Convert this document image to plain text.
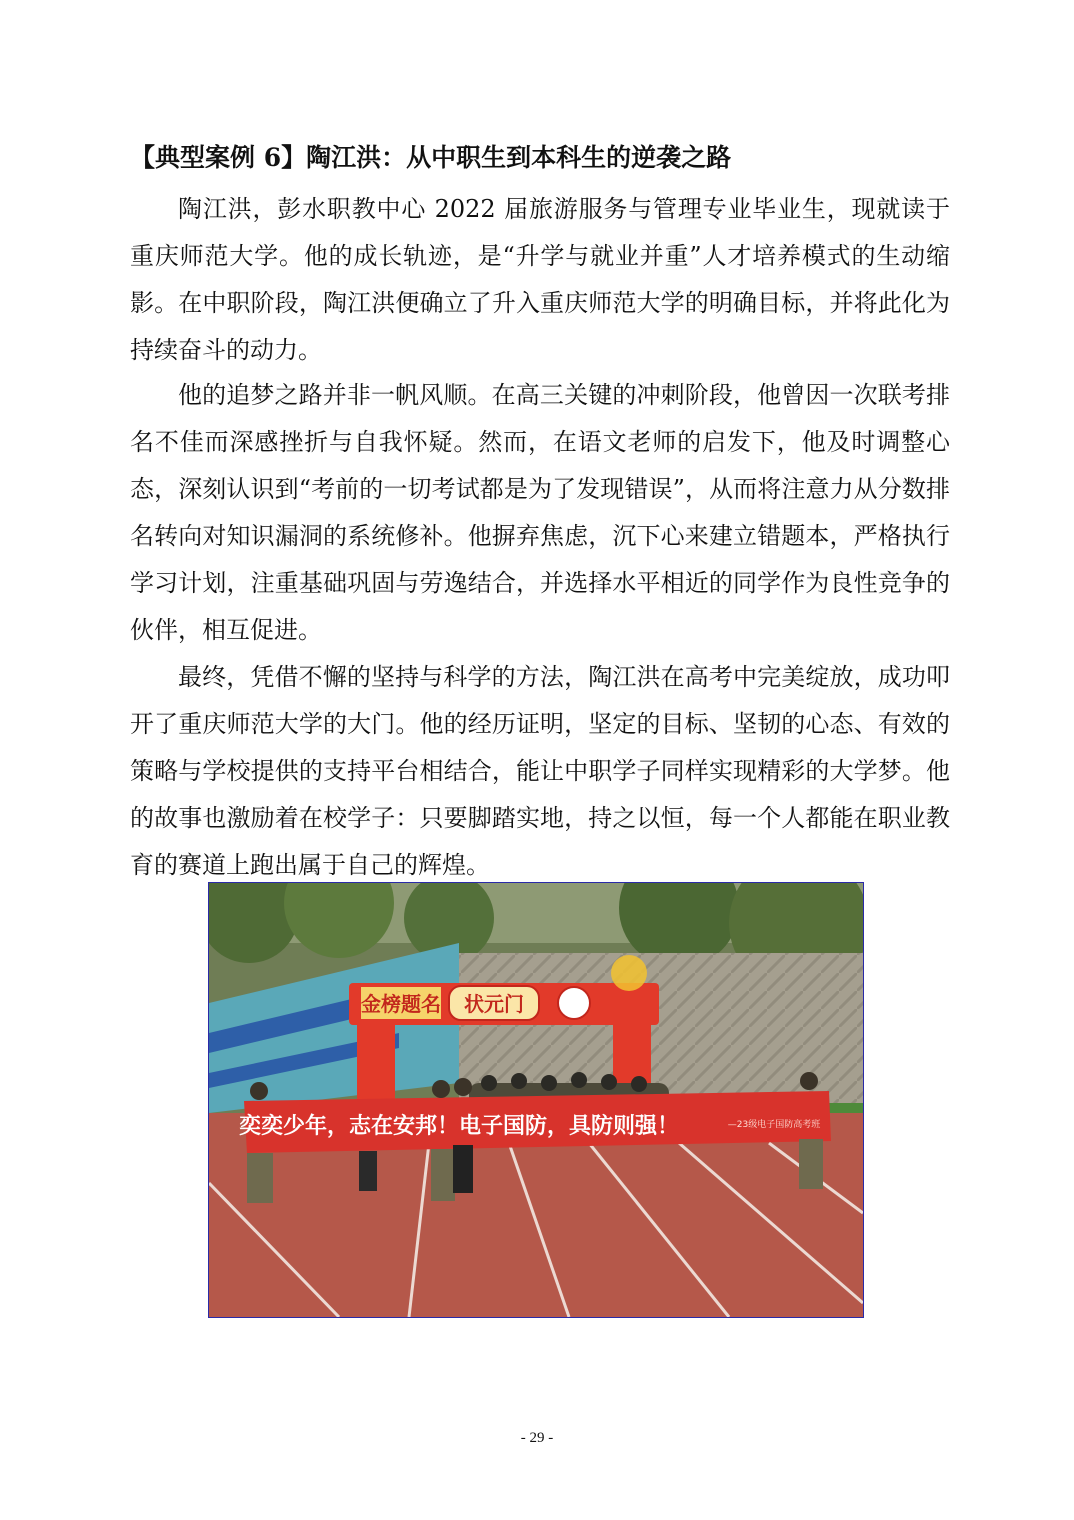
【典型案例 6】陶江洪：从中职生到本科生的逆袭之路

陶江洪，彭水职教中心 2022 届旅游服务与管理专业毕业生，现就读于重庆师范大学。他的成长轨迹，是“升学与就业并重”人才培养模式的生动缩影。在中职阶段，陶江洪便确立了升入重庆师范大学的明确目标，并将此化为持续奋斗的动力。

他的追梦之路并非一帆风顺。在高三关键的冲刺阶段，他曾因一次联考排名不佳而深感挫折与自我怀疑。然而，在语文老师的启发下，他及时调整心态，深刻认识到“考前的一切考试都是为了发现错误”，从而将注意力从分数排名转向对知识漏洞的系统修补。他摒弃焦虑，沉下心来建立错题本，严格执行学习计划，注重基础巩固与劳逸结合，并选择水平相近的同学作为良性竞争的伙伴，相互促进。

最终，凭借不懈的坚持与科学的方法，陶江洪在高考中完美绽放，成功叩开了重庆师范大学的大门。他的经历证明，坚定的目标、坚韧的心态、有效的策略与学校提供的支持平台相结合，能让中职学子同样实现精彩的大学梦。他的故事也激励着在校学子：只要脚踏实地，持之以恒，每一个人都能在职业教育的赛道上跑出属于自己的辉煌。

金榜题名 状元门
奕奕少年，志在安邦！电子国防，具防则强！	—23级电子国防高考班
- 29 -
